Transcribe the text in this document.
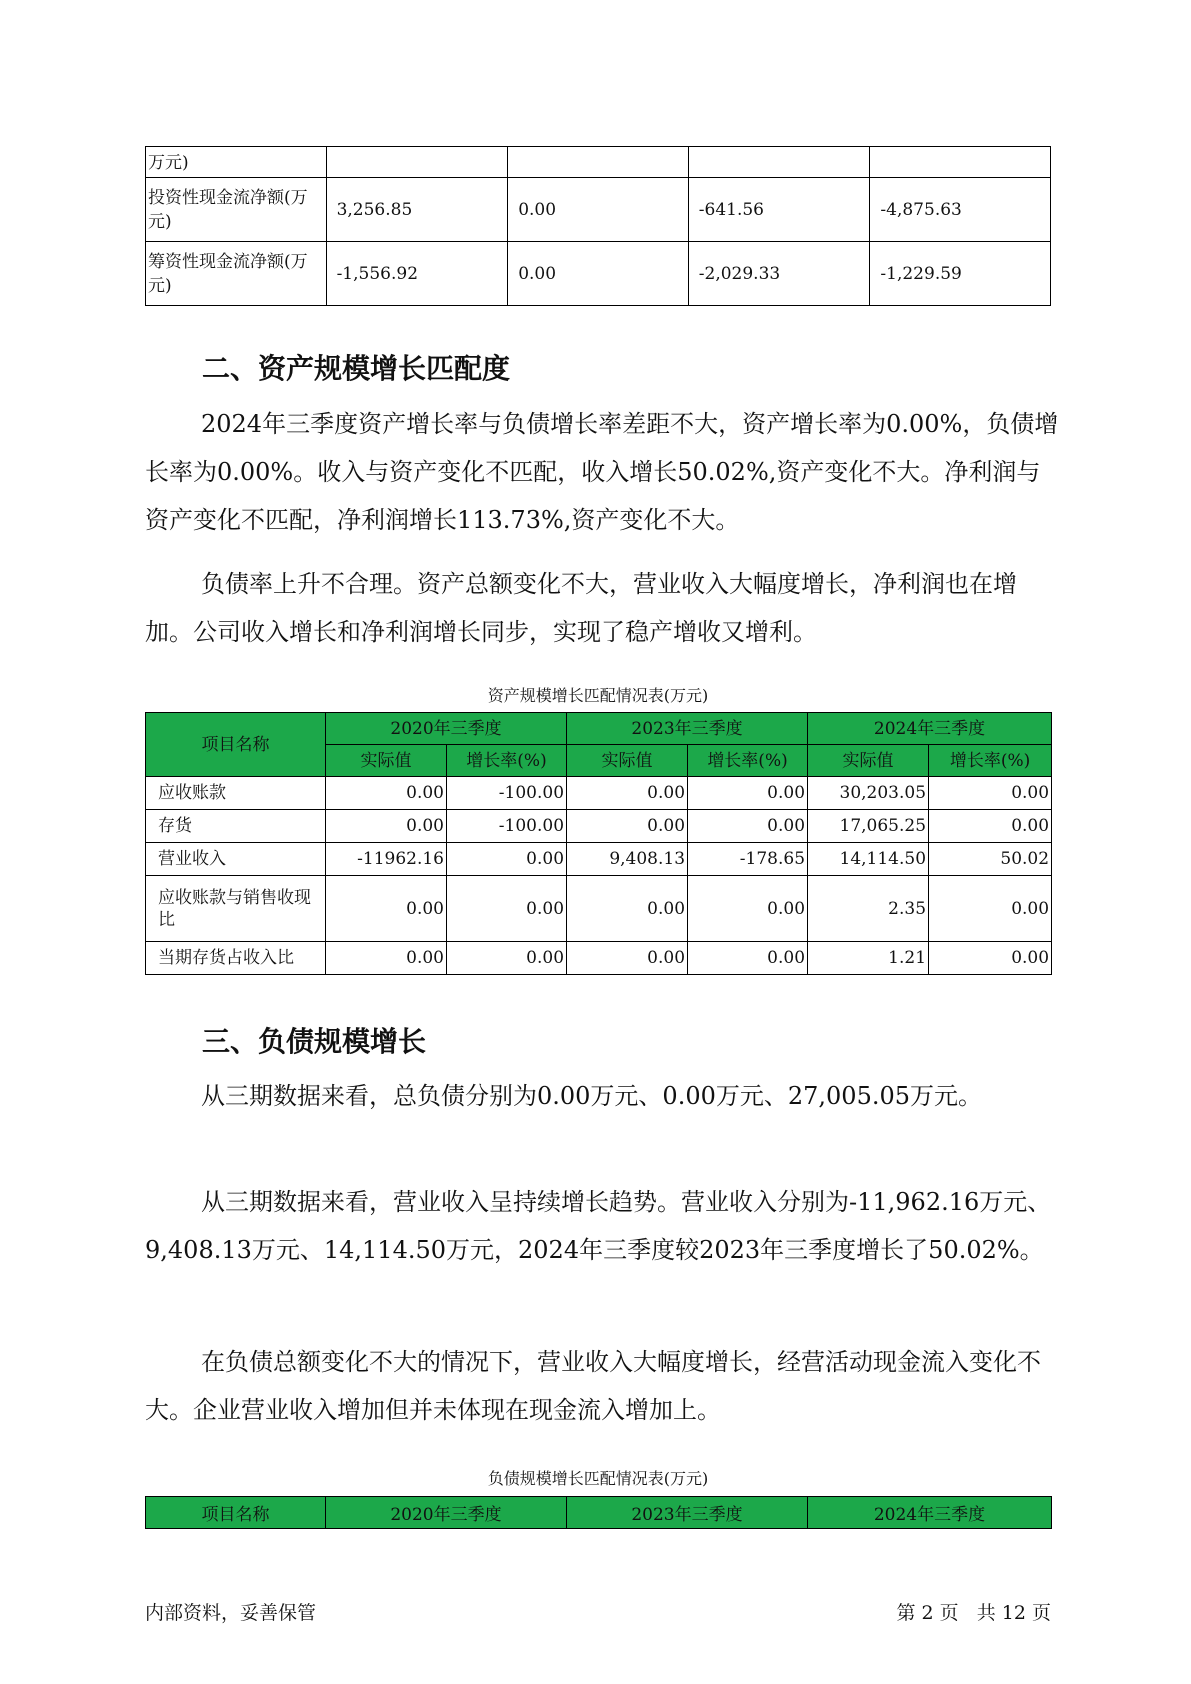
万元)				
投资性现金流净额(万元)	3,256.85	0.00	-641.56	-4,875.63
筹资性现金流净额(万元)	-1,556.92	0.00	-2,029.33	-1,229.59
二、资产规模增长匹配度
2024年三季度资产增长率与负债增长率差距不大，资产增长率为0.00%，负债增长率为0.00%。收入与资产变化不匹配，收入增长50.02%,资产变化不大。净利润与资产变化不匹配，净利润增长113.73%,资产变化不大。
负债率上升不合理。资产总额变化不大，营业收入大幅度增长，净利润也在增加。公司收入增长和净利润增长同步，实现了稳产增收又增利。
资产规模增长匹配情况表(万元)
项目名称	2020年三季度		2023年三季度		2024年三季度	
	实际值	增长率(%)	实际值	增长率(%)	实际值	增长率(%)
应收账款	0.00	-100.00	0.00	0.00	30,203.05	0.00
存货	0.00	-100.00	0.00	0.00	17,065.25	0.00
营业收入	-11962.16	0.00	9,408.13	-178.65	14,114.50	50.02
应收账款与销售收现比	0.00	0.00	0.00	0.00	2.35	0.00
当期存货占收入比	0.00	0.00	0.00	0.00	1.21	0.00
三、负债规模增长
从三期数据来看，总负债分别为0.00万元、0.00万元、27,005.05万元。
从三期数据来看，营业收入呈持续增长趋势。营业收入分别为-11,962.16万元、9,408.13万元、14,114.50万元，2024年三季度较2023年三季度增长了50.02%。
在负债总额变化不大的情况下，营业收入大幅度增长，经营活动现金流入变化不大。企业营业收入增加但并未体现在现金流入增加上。
负债规模增长匹配情况表(万元)
项目名称	2020年三季度	2023年三季度	2024年三季度
内部资料，妥善保管	第 2 页   共 12 页
